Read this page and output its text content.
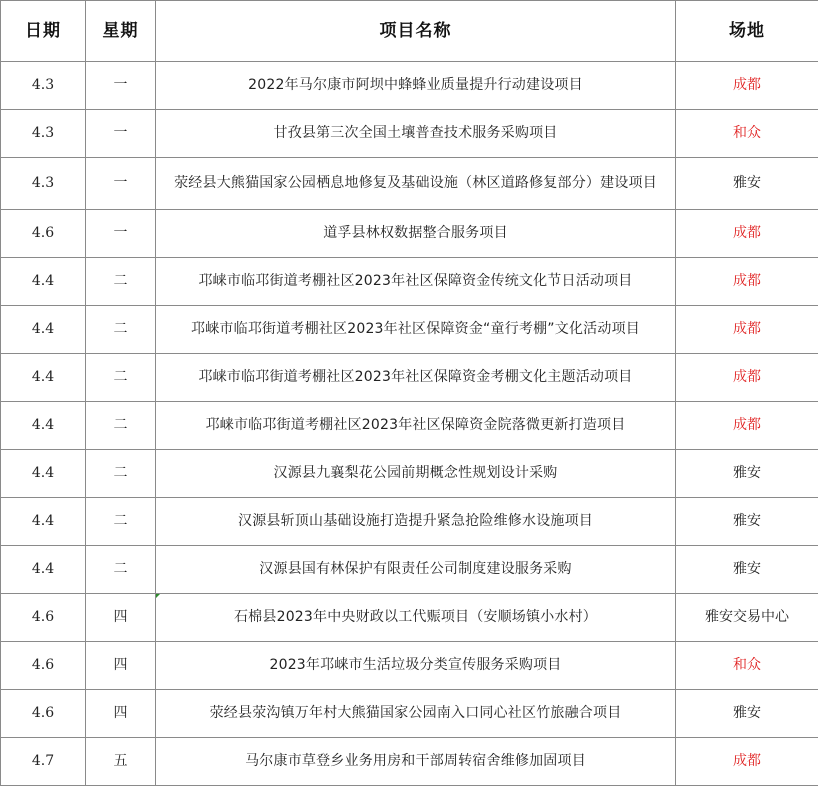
日期	星期	项目名称	场地
4.3	一	2022年马尔康市阿坝中蜂蜂业质量提升行动建设项目	成都
4.3	一	甘孜县第三次全国土壤普查技术服务采购项目	和众
4.3	一	荥经县大熊猫国家公园栖息地修复及基础设施（林区道路修复部分）建设项目	雅安
4.6	一	道孚县林权数据整合服务项目	成都
4.4	二	邛崃市临邛街道考棚社区2023年社区保障资金传统文化节日活动项目	成都
4.4	二	邛崃市临邛街道考棚社区2023年社区保障资金“童行考棚”文化活动项目	成都
4.4	二	邛崃市临邛街道考棚社区2023年社区保障资金考棚文化主题活动项目	成都
4.4	二	邛崃市临邛街道考棚社区2023年社区保障资金院落微更新打造项目	成都
4.4	二	汉源县九襄梨花公园前期概念性规划设计采购	雅安
4.4	二	汉源县斩顶山基础设施打造提升紧急抢险维修水设施项目	雅安
4.4	二	汉源县国有林保护有限责任公司制度建设服务采购	雅安
4.6	四	石棉县2023年中央财政以工代赈项目（安顺场镇小水村）	雅安交易中心
4.6	四	2023年邛崃市生活垃圾分类宣传服务采购项目	和众
4.6	四	荥经县荥沟镇万年村大熊猫国家公园南入口同心社区竹旅融合项目	雅安
4.7	五	马尔康市草登乡业务用房和干部周转宿舍维修加固项目	成都
